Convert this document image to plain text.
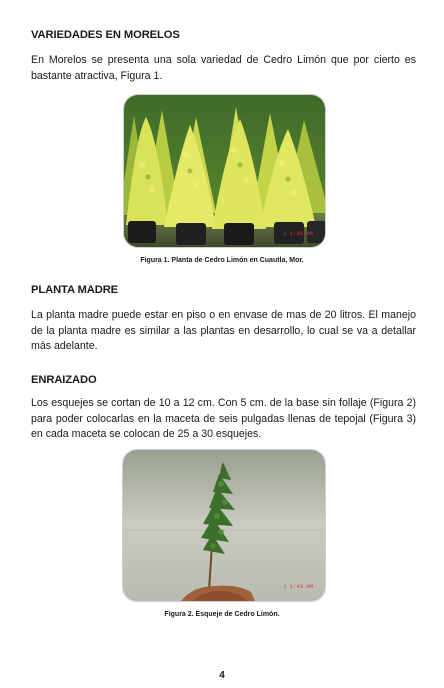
VARIEDADES EN MORELOS

En Morelos se presenta una sola variedad de Cedro Limón que por cierto es bastante atractiva, Figura 1.

1 1:05 AM
Figura 1. Planta de Cedro Limón en Cuautla, Mor.
PLANTA MADRE

La planta madre puede estar en piso o en envase de mas de 20 litros. El manejo de la planta madre es similar a las plantas en desarrollo, lo cual se va a detallar más adelante.

ENRAIZADO

Los esquejes se cortan de 10 a 12 cm. Con 5 cm. de la base sin follaje (Figura 2) para poder colocarlas en la maceta de seis pulgadas llenas de tepojal (Figura 3) en cada maceta se colocan de 25 a 30 esquejes.

1 1:43 AM
Figura 2. Esqueje de Cedro Limón.
4
